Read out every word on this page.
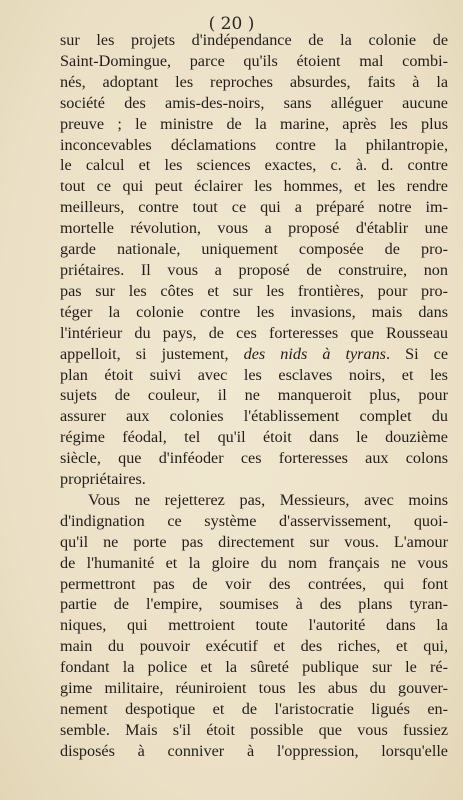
( 20 )
sur les projets d'indépendance de la colonie de
Saint-Domingue, parce qu'ils étoient mal combi-
nés, adoptant les reproches absurdes, faits à la
société des amis-des-noirs, sans alléguer aucune
preuve ; le ministre de la marine, après les plus
inconcevables déclamations contre la philantropie,
le calcul et les sciences exactes, c. à. d. contre
tout ce qui peut éclairer les hommes, et les rendre
meilleurs, contre tout ce qui a préparé notre im-
mortelle révolution, vous a proposé d'établir une
garde nationale, uniquement composée de pro-
priétaires. Il vous a proposé de construire, non
pas sur les côtes et sur les frontières, pour pro-
téger la colonie contre les invasions, mais dans
l'intérieur du pays, de ces forteresses que Rousseau
appelloit, si justement, des nids à tyrans. Si ce
plan étoit suivi avec les esclaves noirs, et les
sujets de couleur, il ne manqueroit plus, pour
assurer aux colonies l'établissement complet du
régime féodal, tel qu'il étoit dans le douzième
siècle, que d'inféoder ces forteresses aux colons
propriétaires.
Vous ne rejetterez pas, Messieurs, avec moins
d'indignation ce système d'asservissement, quoi-
qu'il ne porte pas directement sur vous. L'amour
de l'humanité et la gloire du nom français ne vous
permettront pas de voir des contrées, qui font
partie de l'empire, soumises à des plans tyran-
niques, qui mettroient toute l'autorité dans la
main du pouvoir exécutif et des riches, et qui,
fondant la police et la sûreté publique sur le ré-
gime militaire, réuniroient tous les abus du gouver-
nement despotique et de l'aristocratie ligués en-
semble. Mais s'il étoit possible que vous fussiez
disposés à conniver à l'oppression, lorsqu'elle
